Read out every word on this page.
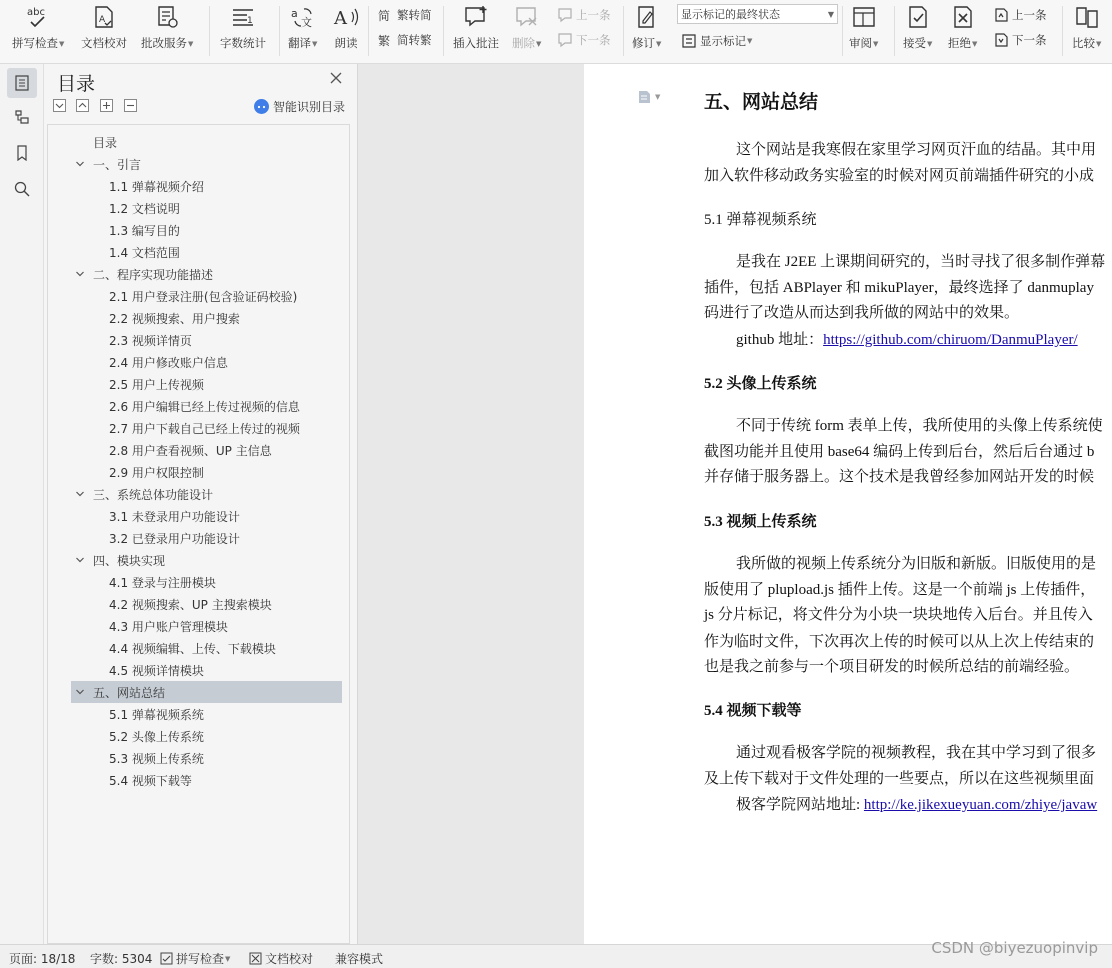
abc
拼写检查▼
A
文档校对 批改服务▼
1
字数统计
a
文
翻译▼
A
朗读
简 繁转简
繁 简转繁 插入批注 删除▼
上一条
下一条 修订▼
显示标记的最终状态	▼
显示标记 ▼	审阅▼ 接受▼ 拒绝▼
上一条
下一条 比较▼
目录
智能识别目录
目录
一、引言
1.1 弹幕视频介绍
1.2 文档说明
1.3 编写目的
1.4 文档范围
二、程序实现功能描述
2.1 用户登录注册(包含验证码校验)
2.2 视频搜索、用户搜索
2.3 视频详情页
2.4 用户修改账户信息
2.5 用户上传视频
2.6 用户编辑已经上传过视频的信息
2.7 用户下载自己已经上传过的视频
2.8 用户查看视频、UP 主信息
2.9 用户权限控制
三、系统总体功能设计
3.1 未登录用户功能设计
3.2 已登录用户功能设计
四、模块实现
4.1 登录与注册模块
4.2 视频搜索、UP 主搜索模块
4.3 用户账户管理模块
4.4 视频编辑、上传、下载模块
4.5 视频详情模块
五、网站总结
5.1 弹幕视频系统
5.2 头像上传系统
5.3 视频上传系统
5.4 视频下载等
▼ 五、网站总结
这个网站是我寒假在家里学习网页汗血的结晶。其中用
加入软件移动政务实验室的时候对网页前端插件研究的小成
5.1 弹幕视频系统
是我在 J2EE 上课期间研究的，当时寻找了很多制作弹幕
插件，包括 ABPlayer 和 mikuPlayer，最终选择了 danmuplay
码进行了改造从而达到我所做的网站中的效果。
github 地址：https://github.com/chiruom/DanmuPlayer/
5.2 头像上传系统
不同于传统 form 表单上传，我所使用的头像上传系统使
截图功能并且使用 base64 编码上传到后台，然后后台通过 b
并存储于服务器上。这个技术是我曾经参加网站开发的时候
5.3 视频上传系统
我所做的视频上传系统分为旧版和新版。旧版使用的是
版使用了 plupload.js 插件上传。这是一个前端 js 上传插件，
js 分片标记，将文件分为小块一块块地传入后台。并且传入
作为临时文件，下次再次上传的时候可以从上次上传结束的
也是我之前参与一个项目研发的时候所总结的前端经验。
5.4 视频下载等
通过观看极客学院的视频教程，我在其中学习到了很多
及上传下载对于文件处理的一些要点，所以在这些视频里面
极客学院网站地址: http://ke.jikexueyuan.com/zhiye/javaw
页面: 18/18 字数: 5304 拼写检查 ▼	文档校对 兼容模式
CSDN @biyezuopinvip
